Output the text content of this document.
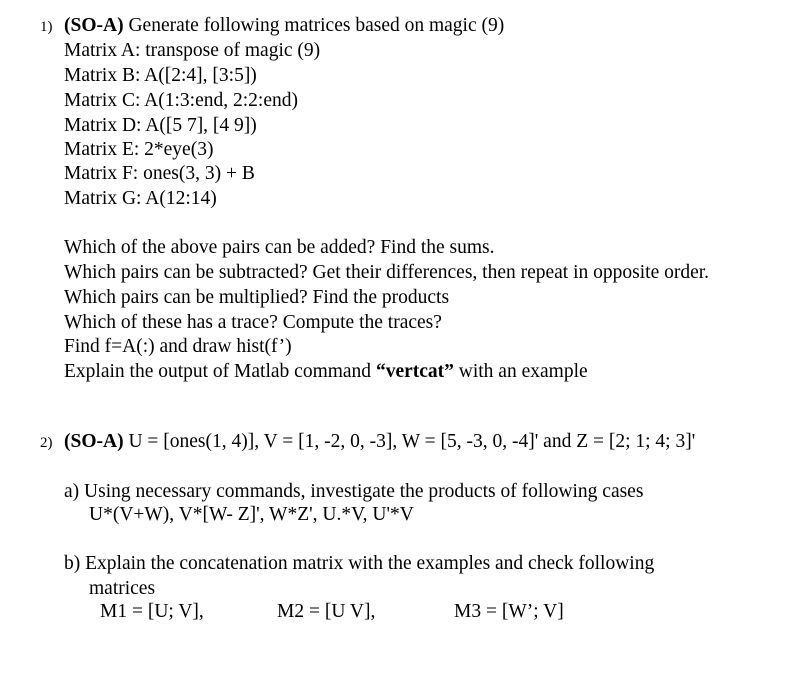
1) (SO-A) Generate following matrices based on magic (9)
Matrix A: transpose of magic (9)
Matrix B: A([2:4], [3:5])
Matrix C: A(1:3:end, 2:2:end)
Matrix D: A([5 7], [4 9])
Matrix E: 2*eye(3)
Matrix F: ones(3, 3) + B
Matrix G: A(12:14)
Which of the above pairs can be added? Find the sums.
Which pairs can be subtracted? Get their differences, then repeat in opposite order.
Which pairs can be multiplied? Find the products
Which of these has a trace? Compute the traces?
Find f=A(:) and draw hist(f’)
Explain the output of Matlab command “vertcat” with an example
2) (SO-A) U = [ones(1, 4)], V = [1, -2, 0, -3], W = [5, -3, 0, -4]' and Z = [2; 1; 4; 3]'
a) Using necessary commands, investigate the products of following cases
U*(V+W), V*[W- Z]', W*Z', U.*V, U'*V
b) Explain the concatenation matrix with the examples and check following
matrices
M1 = [U; V],	M2 = [U V],	M3 = [W’; V]
